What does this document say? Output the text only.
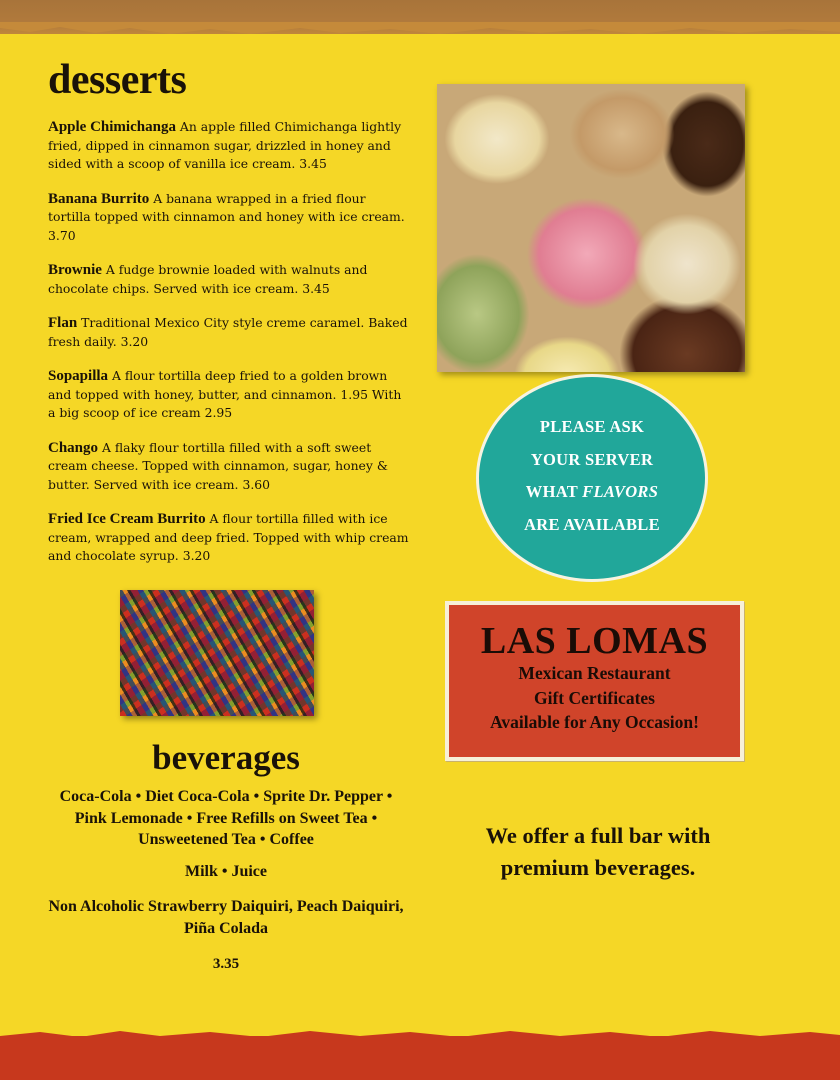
desserts

Apple Chimichanga An apple filled Chimichanga lightly fried, dipped in cinnamon sugar, drizzled in honey and sided with a scoop of vanilla ice cream. 3.45

Banana Burrito A banana wrapped in a fried flour tortilla topped with cinnamon and honey with ice cream. 3.70

Brownie A fudge brownie loaded with walnuts and chocolate chips. Served with ice cream. 3.45

Flan Traditional Mexico City style creme caramel. Baked fresh daily. 3.20

Sopapilla A flour tortilla deep fried to a golden brown and topped with honey, butter, and cinnamon. 1.95 With a big scoop of ice cream 2.95

Chango A flaky flour tortilla filled with a soft sweet cream cheese. Topped with cinnamon, sugar, honey & butter. Served with ice cream. 3.60

Fried Ice Cream Burrito A flour tortilla filled with ice cream, wrapped and deep fried. Topped with whip cream and chocolate syrup. 3.20

PLEASE ASK
YOUR SERVER
WHAT FLAVORS
ARE AVAILABLE
LAS LOMAS
Mexican Restaurant
Gift Certificates
Available for Any Occasion!
beverages

Coca-Cola • Diet Coca-Cola • Sprite Dr. Pepper • Pink Lemonade • Free Refills on Sweet Tea • Unsweetened Tea • Coffee

Milk • Juice

Non Alcoholic Strawberry Daiquiri, Peach Daiquiri, Piña Colada

3.35

We offer a full bar with
premium beverages.
